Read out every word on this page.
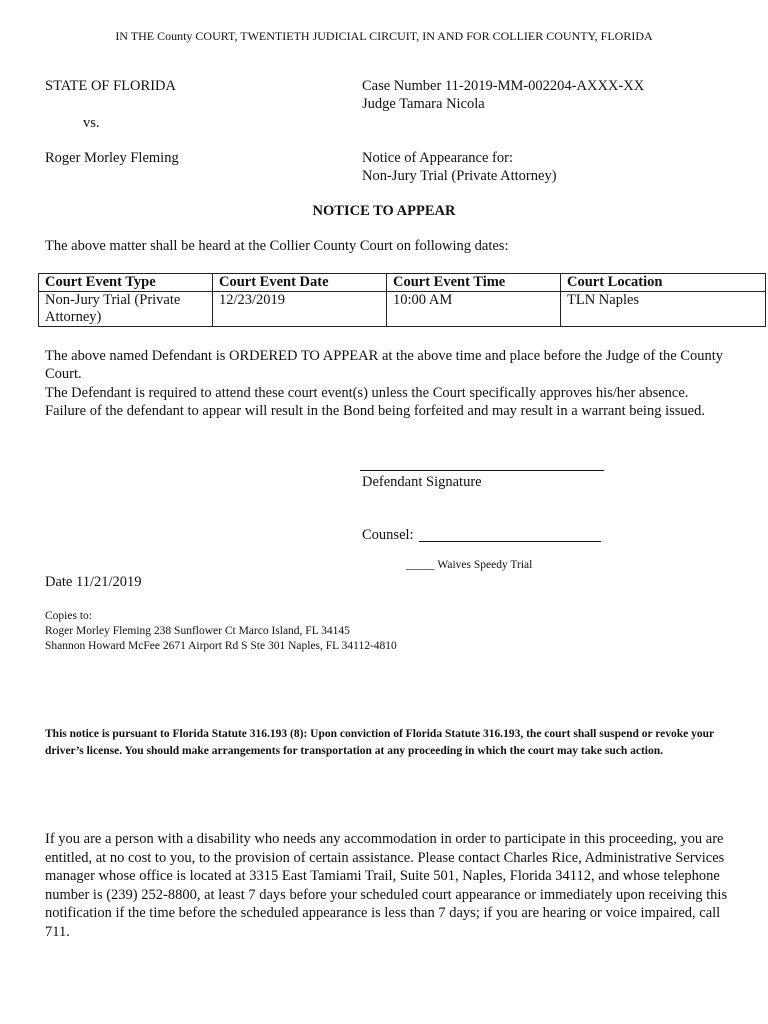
IN THE County COURT, TWENTIETH JUDICIAL CIRCUIT, IN AND FOR COLLIER COUNTY, FLORIDA
STATE OF FLORIDA
vs.
Roger Morley Fleming
Case Number 11-2019-MM-002204-AXXX-XX
Judge Tamara Nicola
Notice of Appearance for:
Non-Jury Trial (Private Attorney)
NOTICE TO APPEAR
The above matter shall be heard at the Collier County Court on following dates:
Court Event Type	Court Event Date	Court Event Time	Court Location
Non-Jury Trial (Private Attorney)	12/23/2019	10:00 AM	TLN Naples
The above named Defendant is ORDERED TO APPEAR at the above time and place before the Judge of the County Court.
The Defendant is required to attend these court event(s) unless the Court specifically approves his/her absence.
Failure of the defendant to appear will result in the Bond being forfeited and may result in a warrant being issued.
Defendant Signature
Counsel:
_____ Waives Speedy Trial
Date 11/21/2019
Copies to:
Roger Morley Fleming 238 Sunflower Ct Marco Island, FL 34145
Shannon Howard McFee 2671 Airport Rd S Ste 301 Naples, FL 34112-4810
This notice is pursuant to Florida Statute 316.193 (8): Upon conviction of Florida Statute 316.193, the court shall suspend or revoke your driver’s license. You should make arrangements for transportation at any proceeding in which the court may take such action.
If you are a person with a disability who needs any accommodation in order to participate in this proceeding, you are entitled, at no cost to you, to the provision of certain assistance. Please contact Charles Rice, Administrative Services manager whose office is located at 3315 East Tamiami Trail, Suite 501, Naples, Florida 34112, and whose telephone number is (239) 252-8800, at least 7 days before your scheduled court appearance or immediately upon receiving this notification if the time before the scheduled appearance is less than 7 days; if you are hearing or voice impaired, call 711.
